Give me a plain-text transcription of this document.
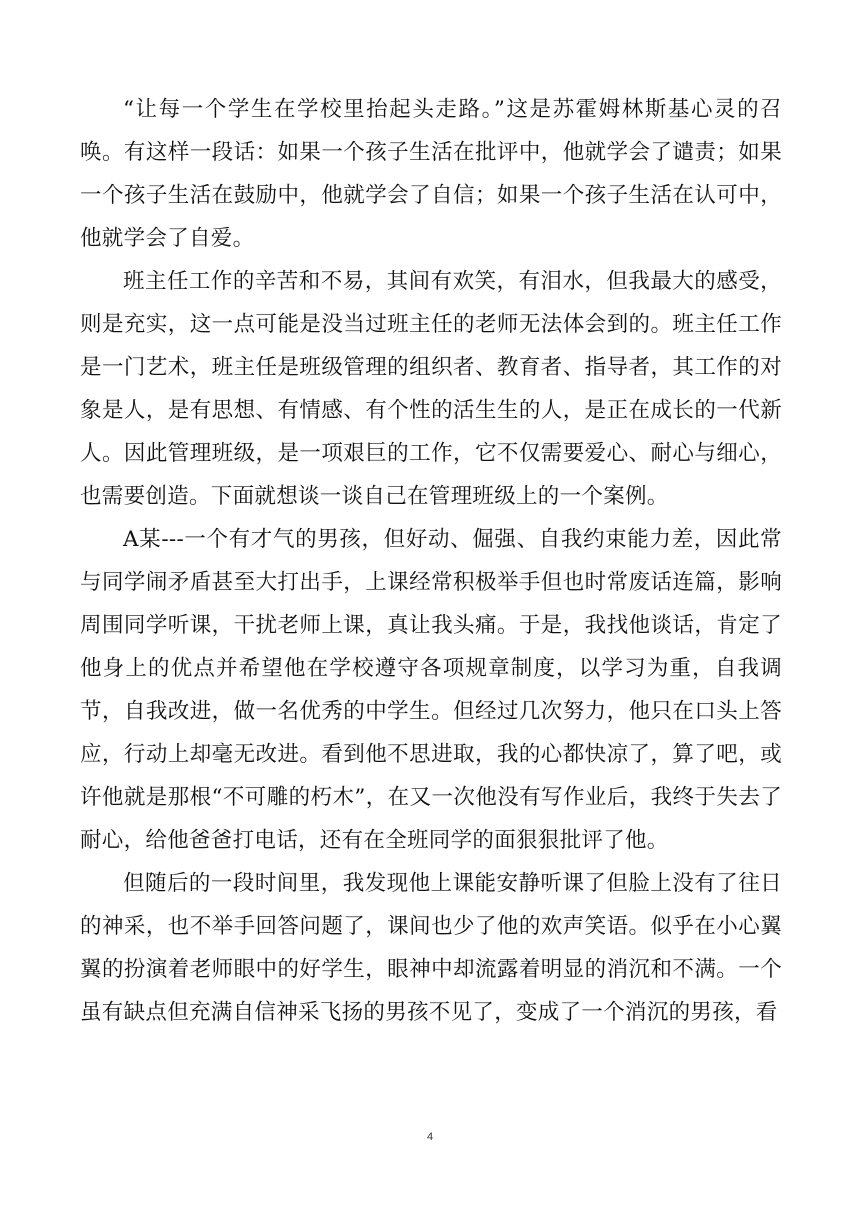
“让每一个学生在学校里抬起头走路。”这是苏霍姆林斯基心灵的召唤。有这样一段话：如果一个孩子生活在批评中，他就学会了谴责；如果一个孩子生活在鼓励中，他就学会了自信；如果一个孩子生活在认可中，他就学会了自爱。

班主任工作的辛苦和不易，其间有欢笑，有泪水，但我最大的感受，则是充实，这一点可能是没当过班主任的老师无法体会到的。班主任工作是一门艺术，班主任是班级管理的组织者、教育者、指导者，其工作的对象是人，是有思想、有情感、有个性的活生生的人，是正在成长的一代新人。因此管理班级，是一项艰巨的工作，它不仅需要爱心、耐心与细心，也需要创造。下面就想谈一谈自己在管理班级上的一个案例。

A某---一个有才气的男孩，但好动、倔强、自我约束能力差，因此常与同学闹矛盾甚至大打出手，上课经常积极举手但也时常废话连篇，影响周围同学听课，干扰老师上课，真让我头痛。于是，我找他谈话，肯定了他身上的优点并希望他在学校遵守各项规章制度，以学习为重，自我调节，自我改进，做一名优秀的中学生。但经过几次努力，他只在口头上答应，行动上却毫无改进。看到他不思进取，我的心都快凉了，算了吧，或许他就是那根“不可雕的朽木”，在又一次他没有写作业后，我终于失去了耐心，给他爸爸打电话，还有在全班同学的面狠狠批评了他。

但随后的一段时间里，我发现他上课能安静听课了但脸上没有了往日的神采，也不举手回答问题了，课间也少了他的欢声笑语。似乎在小心翼翼的扮演着老师眼中的好学生，眼神中却流露着明显的消沉和不满。一个虽有缺点但充满自信神采飞扬的男孩不见了，变成了一个消沉的男孩，看

4
